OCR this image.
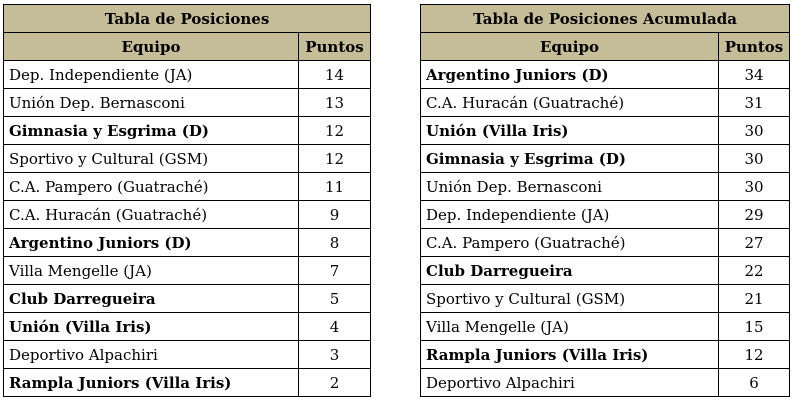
Tabla de Posiciones	
Equipo	Puntos
Dep. Independiente (JA)	14
Unión Dep. Bernasconi	13
Gimnasia y Esgrima (D)	12
Sportivo y Cultural (GSM)	12
C.A. Pampero (Guatraché)	11
C.A. Huracán (Guatraché)	9
Argentino Juniors (D)	8
Villa Mengelle (JA)	7
Club Darregueira	5
Unión (Villa Iris)	4
Deportivo Alpachiri	3
Rampla Juniors (Villa Iris)	2
Tabla de Posiciones Acumulada	
Equipo	Puntos
Argentino Juniors (D)	34
C.A. Huracán (Guatraché)	31
Unión (Villa Iris)	30
Gimnasia y Esgrima (D)	30
Unión Dep. Bernasconi	30
Dep. Independiente (JA)	29
C.A. Pampero (Guatraché)	27
Club Darregueira	22
Sportivo y Cultural (GSM)	21
Villa Mengelle (JA)	15
Rampla Juniors (Villa Iris)	12
Deportivo Alpachiri	6
